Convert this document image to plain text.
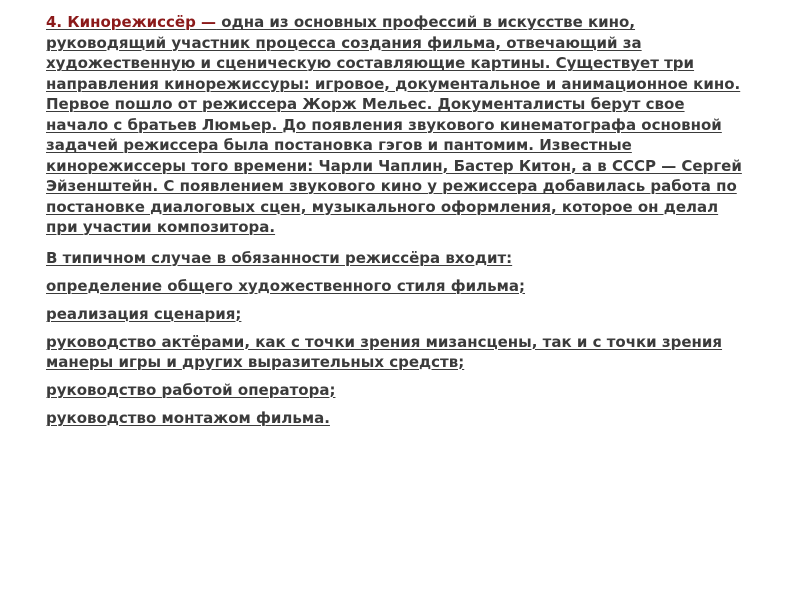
4. Кинорежиссёр — одна из основных профессий в искусстве кино, руководящий участник процесса создания фильма, отвечающий за художественную и сценическую составляющие картины. Существует три направления кинорежиссуры: игровое, документальное и анимационное кино. Первое пошло от режиссера Жорж Мельес. Документалисты берут свое начало с братьев Люмьер. До появления звукового кинематографа основной задачей режиссера была постановка гэгов и пантомим. Известные кинорежиссеры того времени: Чарли Чаплин, Бастер Китон, а в СССР — Сергей Эйзенштейн. С появлением звукового кино у режиссера добавилась работа по постановке диалоговых сцен, музыкального оформления, которое он делал при участии композитора.

В типичном случае в обязанности режиссёра входит:

определение общего художественного стиля фильма;

реализация сценария;

руководство актёрами, как с точки зрения мизансцены, так и с точки зрения манеры игры и других выразительных средств;

руководство работой оператора;

руководство монтажом фильма.
